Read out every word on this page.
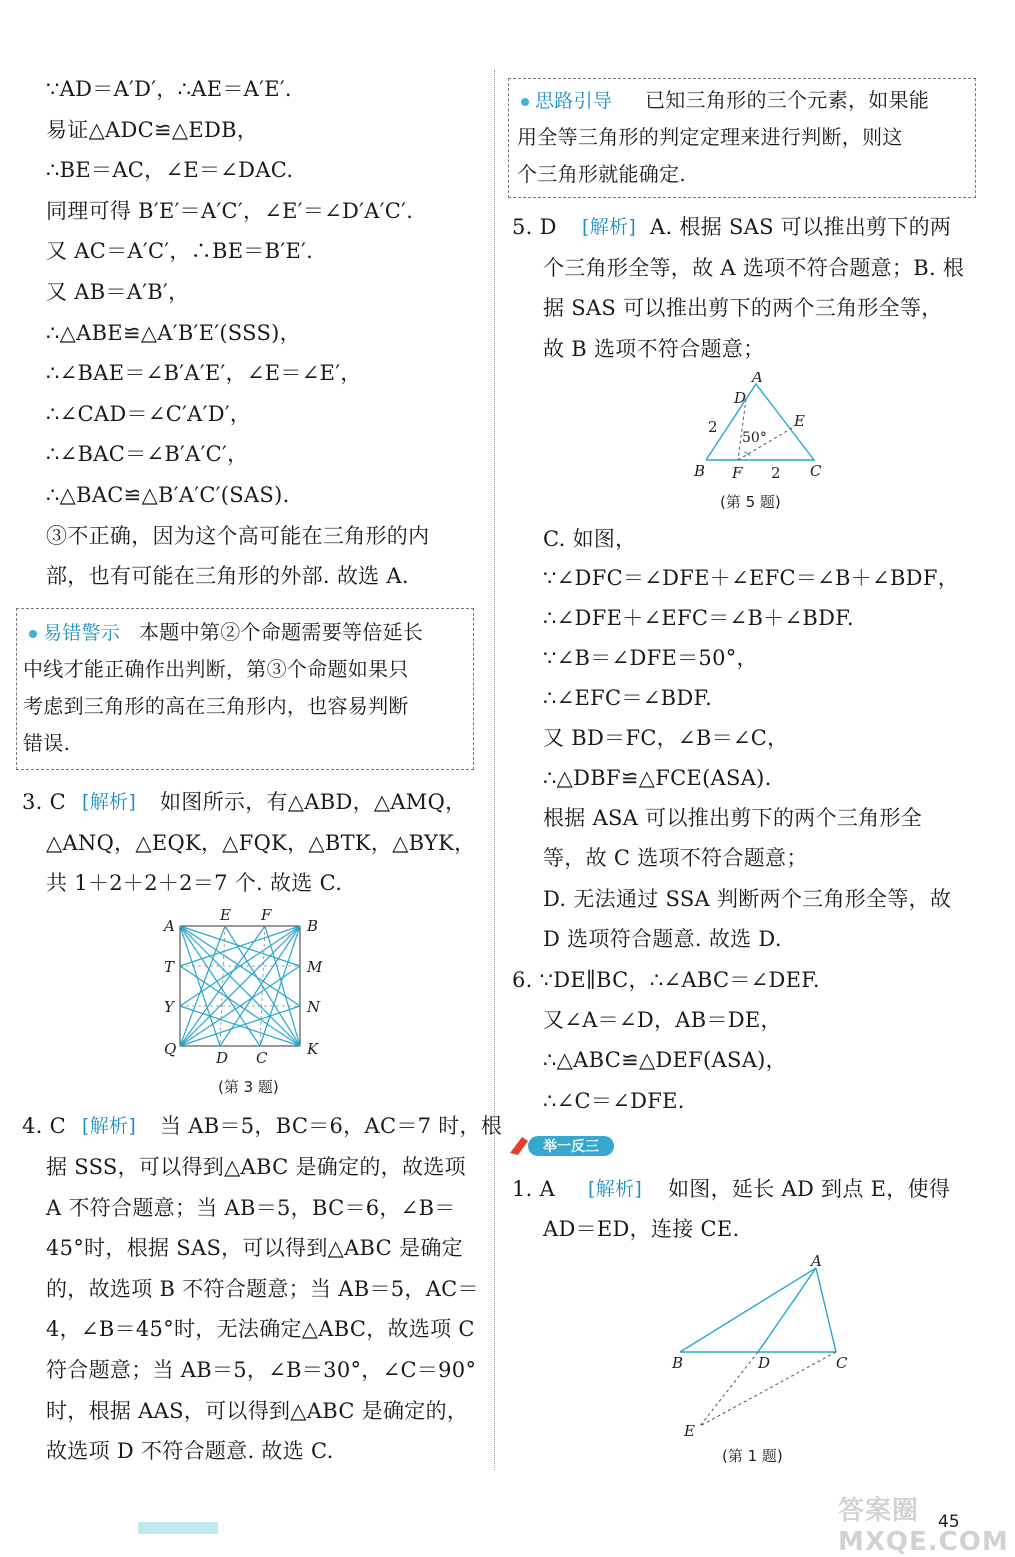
∵AD＝A′D′，∴AE＝A′E′.
易证△ADC≌△EDB，
∴BE＝AC，∠E＝∠DAC.
同理可得 B′E′＝A′C′，∠E′＝∠D′A′C′.
又 AC＝A′C′，∴BE＝B′E′.
又 AB＝A′B′，
∴△ABE≌△A′B′E′(SSS)，
∴∠BAE＝∠B′A′E′，∠E＝∠E′，
∴∠CAD＝∠C′A′D′，
∴∠BAC＝∠B′A′C′，
∴△BAC≌△B′A′C′(SAS).
③不正确，因为这个高可能在三角形的内
部，也有可能在三角形的外部. 故选 A.
易错警示 本题中第②个命题需要等倍延长
中线才能正确作出判断，第③个命题如果只
考虑到三角形的高在三角形内，也容易判断
错误.
3. C [解析] 如图所示，有△ABD，△AMQ，
△ANQ，△EQK，△FQK，△BTK，△BYK，
共 1＋2＋2＋2＝7 个. 故选 C.
A
E F
B
T	M
Y	N
Q	D C	K
(第 3 题)
4. C [解析] 当 AB＝5，BC＝6，AC＝7 时，根
据 SSS，可以得到△ABC 是确定的，故选项
A 不符合题意；当 AB＝5，BC＝6，∠B＝
45°时，根据 SAS，可以得到△ABC 是确定
的，故选项 B 不符合题意；当 AB＝5，AC＝
4，∠B＝45°时，无法确定△ABC，故选项 C
符合题意；当 AB＝5，∠B＝30°，∠C＝90°
时，根据 AAS，可以得到△ABC 是确定的，
故选项 D 不符合题意. 故选 C.
思路引导 已知三角形的三个元素，如果能
用全等三角形的判定定理来进行判断，则这
个三角形就能确定.
5. D [解析] A. 根据 SAS 可以推出剪下的两
个三角形全等，故 A 选项不符合题意；B. 根
据 SAS 可以推出剪下的两个三角形全等，
故 B 选项不符合题意；
A
D
E
2
50°
B F 2 C
(第 5 题)
C. 如图，
∵∠DFC＝∠DFE＋∠EFC＝∠B＋∠BDF，
∴∠DFE＋∠EFC＝∠B＋∠BDF.
∵∠B＝∠DFE＝50°，
∴∠EFC＝∠BDF.
又 BD＝FC，∠B＝∠C，
∴△DBF≌△FCE(ASA).
根据 ASA 可以推出剪下的两个三角形全
等，故 C 选项不符合题意；
D. 无法通过 SSA 判断两个三角形全等，故
D 选项符合题意. 故选 D.
6. ∵DE∥BC，∴∠ABC＝∠DEF.
又∠A＝∠D，AB＝DE，
∴△ABC≌△DEF(ASA)，
∴∠C＝∠DFE.
1. A [解析] 如图，延长 AD 到点 E，使得
AD＝ED，连接 CE.
A
B	D	C
E
(第 1 题)
举一反三
答案圈 MXQE.COM
45
